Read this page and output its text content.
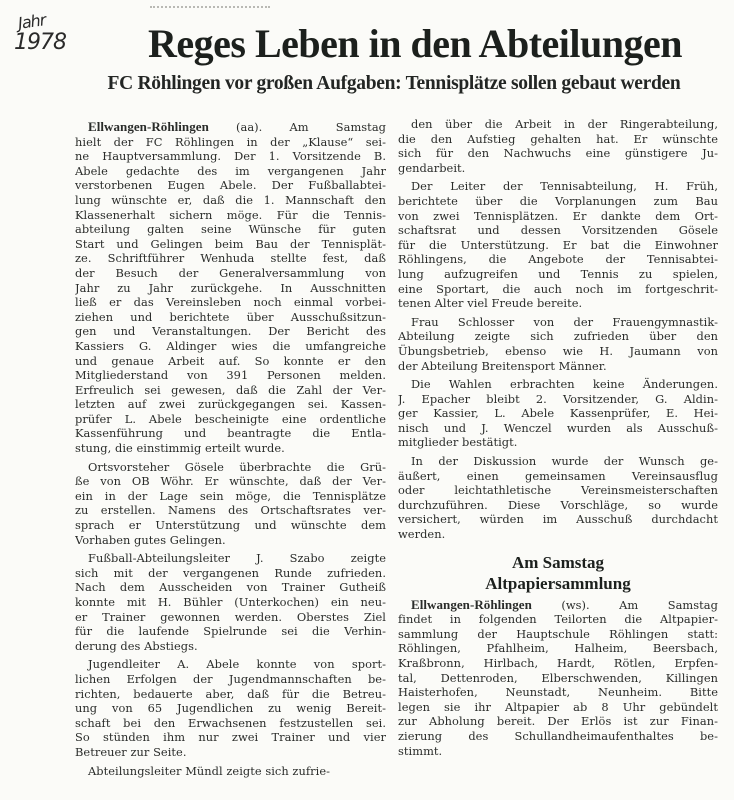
Jahr
1978	Reges Leben in den Abteilungen
FC Röhlingen vor großen Aufgaben: Tennisplätze sollen gebaut werden
Ellwangen-Röhlingen (aa). Am Samstag
hielt der FC Röhlingen in der „Klause“ sei-
ne Hauptversammlung. Der 1. Vorsitzende B.
Abele gedachte des im vergangenen Jahr
verstorbenen Eugen Abele. Der Fußballabtei-
lung wünschte er, daß die 1. Mannschaft den
Klassenerhalt sichern möge. Für die Tennis-
abteilung galten seine Wünsche für guten
Start und Gelingen beim Bau der Tennisplät-
ze. Schriftführer Wenhuda stellte fest, daß
der Besuch der Generalversammlung von
Jahr zu Jahr zurückgehe. In Ausschnitten
ließ er das Vereinsleben noch einmal vorbei-
ziehen und berichtete über Ausschußsitzun-
gen und Veranstaltungen. Der Bericht des
Kassiers G. Aldinger wies die umfangreiche
und genaue Arbeit auf. So konnte er den
Mitgliederstand von 391 Personen melden.
Erfreulich sei gewesen, daß die Zahl der Ver-
letzten auf zwei zurückgegangen sei. Kassen-
prüfer L. Abele bescheinigte eine ordentliche
Kassenführung und beantragte die Entla-
stung, die einstimmig erteilt wurde.
Ortsvorsteher Gösele überbrachte die Grü-
ße von OB Wöhr. Er wünschte, daß der Ver-
ein in der Lage sein möge, die Tennisplätze
zu erstellen. Namens des Ortschaftsrates ver-
sprach er Unterstützung und wünschte dem
Vorhaben gutes Gelingen.
Fußball-Abteilungsleiter J. Szabo zeigte
sich mit der vergangenen Runde zufrieden.
Nach dem Ausscheiden von Trainer Gutheiß
konnte mit H. Bühler (Unterkochen) ein neu-
er Trainer gewonnen werden. Oberstes Ziel
für die laufende Spielrunde sei die Verhin-
derung des Abstiegs.
Jugendleiter A. Abele konnte von sport-
lichen Erfolgen der Jugendmannschaften be-
richten, bedauerte aber, daß für die Betreu-
ung von 65 Jugendlichen zu wenig Bereit-
schaft bei den Erwachsenen festzustellen sei.
So stünden ihm nur zwei Trainer und vier
Betreuer zur Seite.
Abteilungsleiter Mündl zeigte sich zufrie-
den über die Arbeit in der Ringerabteilung,
die den Aufstieg gehalten hat. Er wünschte
sich für den Nachwuchs eine günstigere Ju-
gendarbeit.
Der Leiter der Tennisabteilung, H. Früh,
berichtete über die Vorplanungen zum Bau
von zwei Tennisplätzen. Er dankte dem Ort-
schaftsrat und dessen Vorsitzenden Gösele
für die Unterstützung. Er bat die Einwohner
Röhlingens, die Angebote der Tennisabtei-
lung aufzugreifen und Tennis zu spielen,
eine Sportart, die auch noch im fortgeschrit-
tenen Alter viel Freude bereite.
Frau Schlosser von der Frauengymnastik-
Abteilung zeigte sich zufrieden über den
Übungsbetrieb, ebenso wie H. Jaumann von
der Abteilung Breitensport Männer.
Die Wahlen erbrachten keine Änderungen.
J. Epacher bleibt 2. Vorsitzender, G. Aldin-
ger Kassier, L. Abele Kassenprüfer, E. Hei-
nisch und J. Wenczel wurden als Ausschuß-
mitglieder bestätigt.
In der Diskussion wurde der Wunsch ge-
äußert, einen gemeinsamen Vereinsausflug
oder leichtathletische Vereinsmeisterschaften
durchzuführen. Diese Vorschläge, so wurde
versichert, würden im Ausschuß durchdacht
werden.
Am Samstag
Altpapiersammlung
Ellwangen-Röhlingen (ws). Am Samstag
findet in folgenden Teilorten die Altpapier-
sammlung der Hauptschule Röhlingen statt:
Röhlingen, Pfahlheim, Halheim, Beersbach,
Kraßbronn, Hirlbach, Hardt, Rötlen, Erpfen-
tal, Dettenroden, Elberschwenden, Killingen
Haisterhofen, Neunstadt, Neunheim. Bitte
legen sie ihr Altpapier ab 8 Uhr gebündelt
zur Abholung bereit. Der Erlös ist zur Finan-
zierung des Schullandheimaufenthaltes be-
stimmt.
